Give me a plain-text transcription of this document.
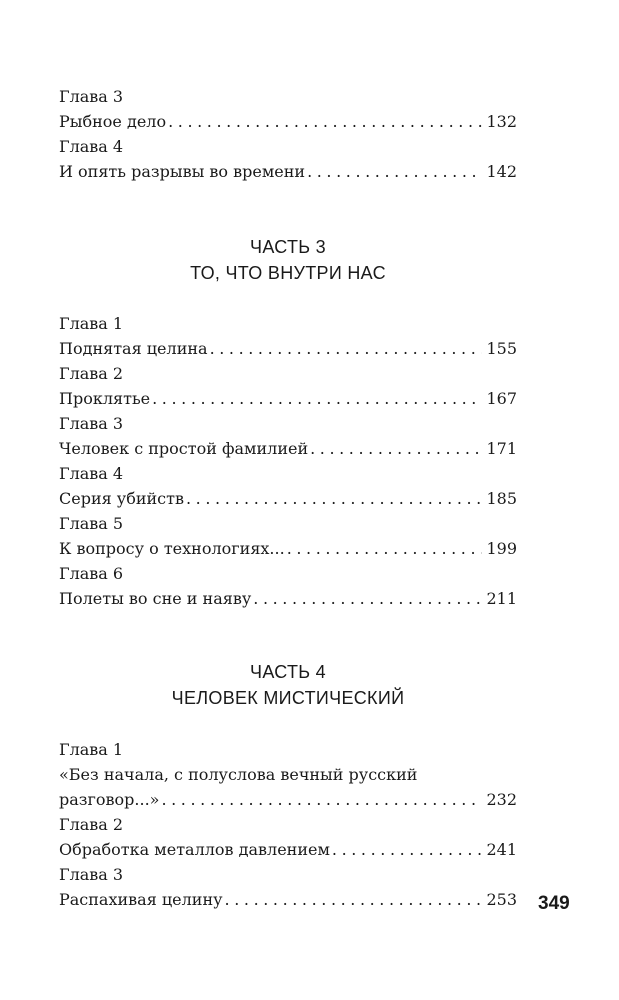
Глава 3
Рыбное дело . . .	132
Глава 4
И опять разрывы во времени . . .	142
ЧАСТЬ 3
ТО, ЧТО ВНУТРИ НАС
Глава 1
Поднятая целина . . .	155
Глава 2
Проклятье . . .	167
Глава 3
Человек с простой фамилией . . .	171
Глава 4
Серия убийств . . .	185
Глава 5
К вопросу о технологиях... . . .	199
Глава 6
Полеты во сне и наяву . . .	211
ЧАСТЬ 4
ЧЕЛОВЕК МИСТИЧЕСКИЙ
Глава 1
«Без начала, с полуслова вечный русский
разговор...» . . .	232
Глава 2
Обработка металлов давлением . . .	241
Глава 3
Распахивая целину . . .	253 349
